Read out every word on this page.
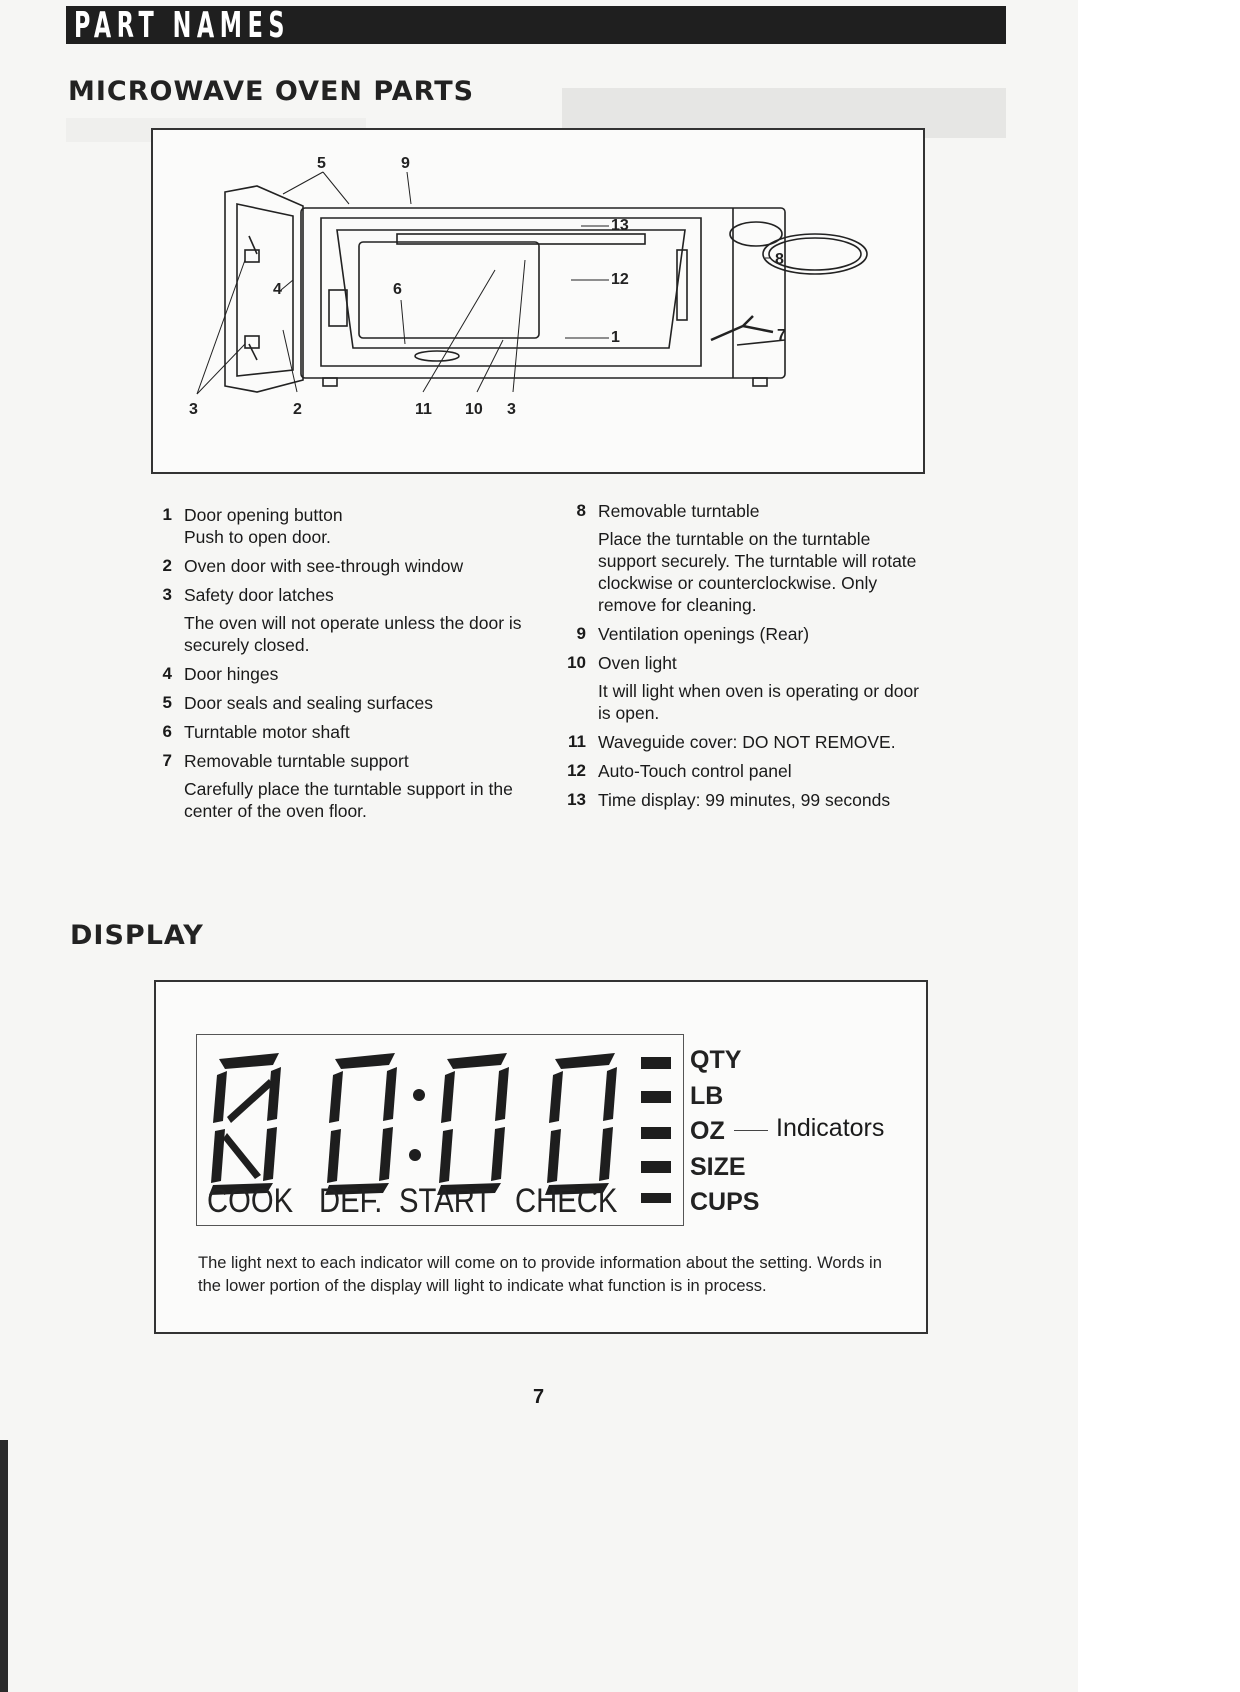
PART NAMES
MICROWAVE OVEN PARTS
5	9
13
8
12
4	6
7
1
3	2	11 10 3
1 Door opening button
Push to open door.
2 Oven door with see-through window
3 Safety door latches
The oven will not operate unless the door is securely closed.
4 Door hinges
5 Door seals and sealing surfaces
6 Turntable motor shaft
7 Removable turntable support
Carefully place the turntable support in the center of the oven floor.
8 Removable turntable
Place the turntable on the turntable support securely. The turntable will rotate clockwise or counterclockwise. Only remove for cleaning.
9 Ventilation openings (Rear)
10 Oven light
It will light when oven is operating or door is open.
11 Waveguide cover: DO NOT REMOVE.
12 Auto-Touch control panel
13 Time display: 99 minutes, 99 seconds
DISPLAY
COOK DEF. START CHECK
QTY
LB
OZ
SIZE
CUPS
Indicators
The light next to each indicator will come on to provide information about the setting. Words in the lower portion of the display will light to indicate what function is in process.
7
